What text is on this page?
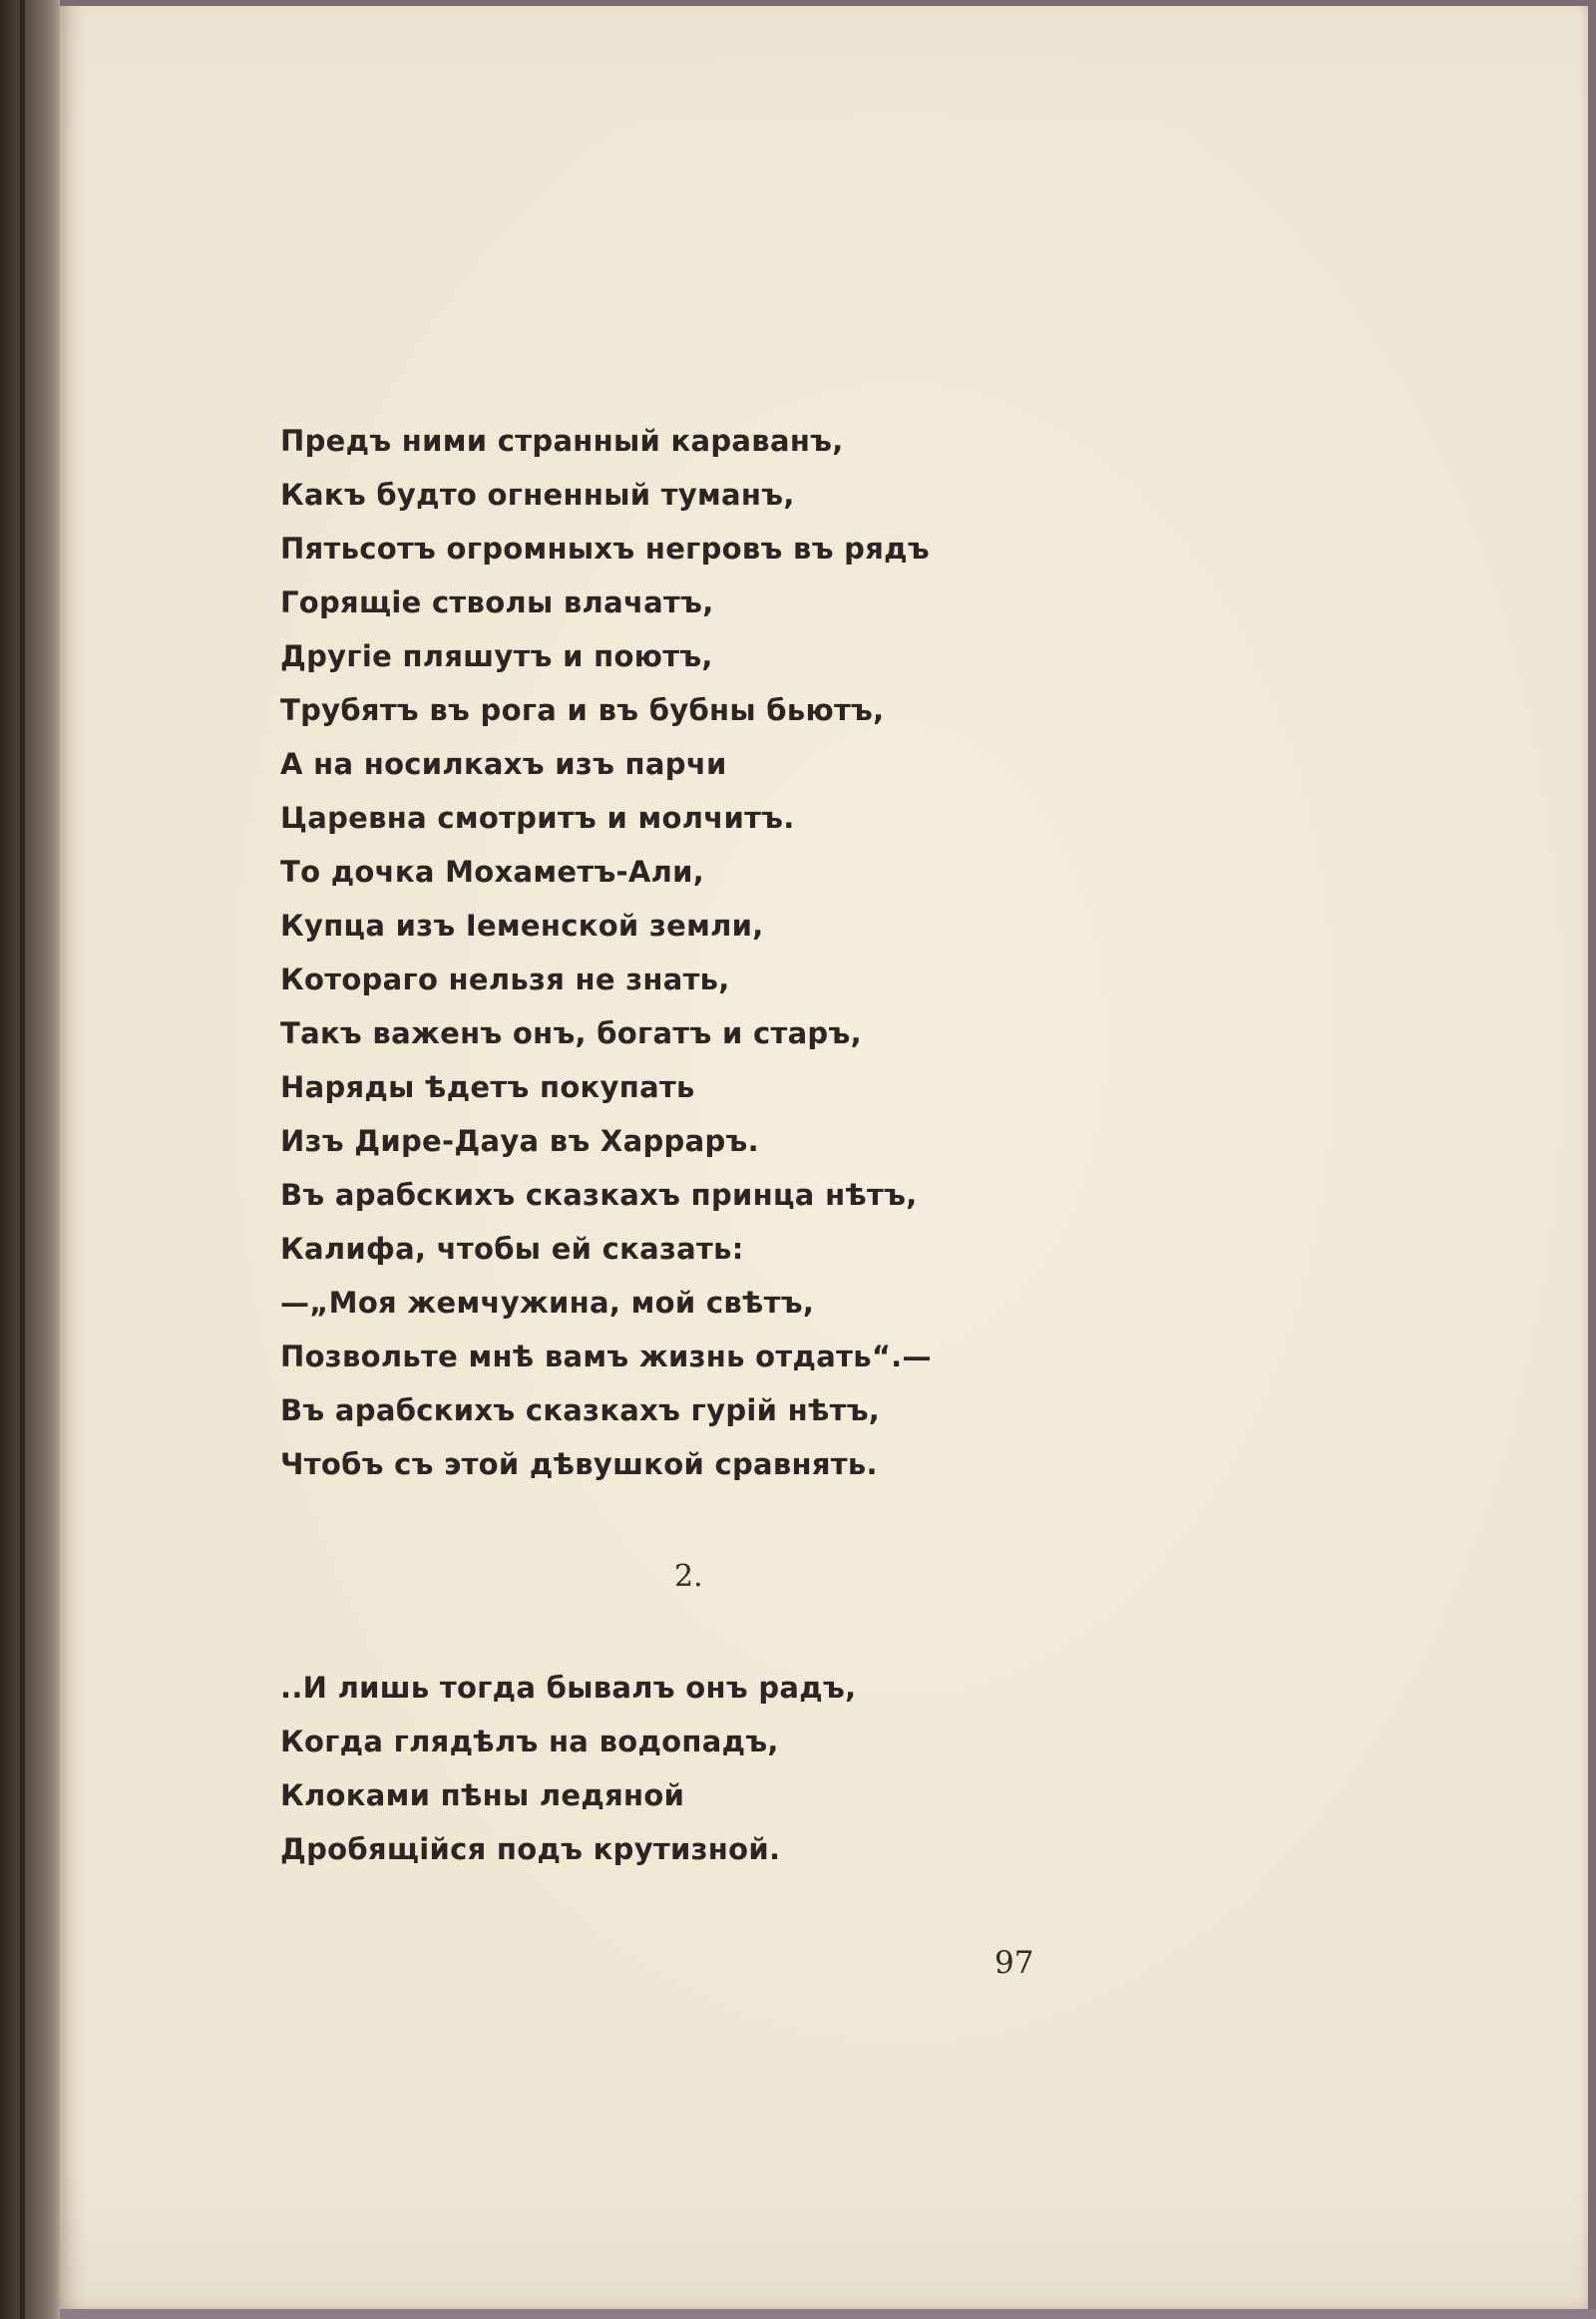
Предъ ними странный караванъ,
Какъ будто огненный туманъ,
Пятьсотъ огромныхъ негровъ въ рядъ
Горящіе стволы влачатъ,
Другіе пляшутъ и поютъ,
Трубятъ въ рога и въ бубны бьютъ,
А на носилкахъ изъ парчи
Царевна смотритъ и молчитъ.
То дочка Мохаметъ-Али,
Купца изъ Іеменской земли,
Котораго нельзя не знать,
Такъ важенъ онъ, богатъ и старъ,
Наряды ѣдетъ покупать
Изъ Дире-Дауа въ Харраръ.
Въ арабскихъ сказкахъ принца нѣтъ,
Калифа, чтобы ей сказать:
—„Моя жемчужина, мой свѣтъ,
Позвольте мнѣ вамъ жизнь отдать“.—
Въ арабскихъ сказкахъ гурій нѣтъ,
Чтобъ съ этой дѣвушкой сравнять.
2.
..И лишь тогда бывалъ онъ радъ,
Когда глядѣлъ на водопадъ,
Клоками пѣны ледяной
Дробящійся подъ крутизной.
97
